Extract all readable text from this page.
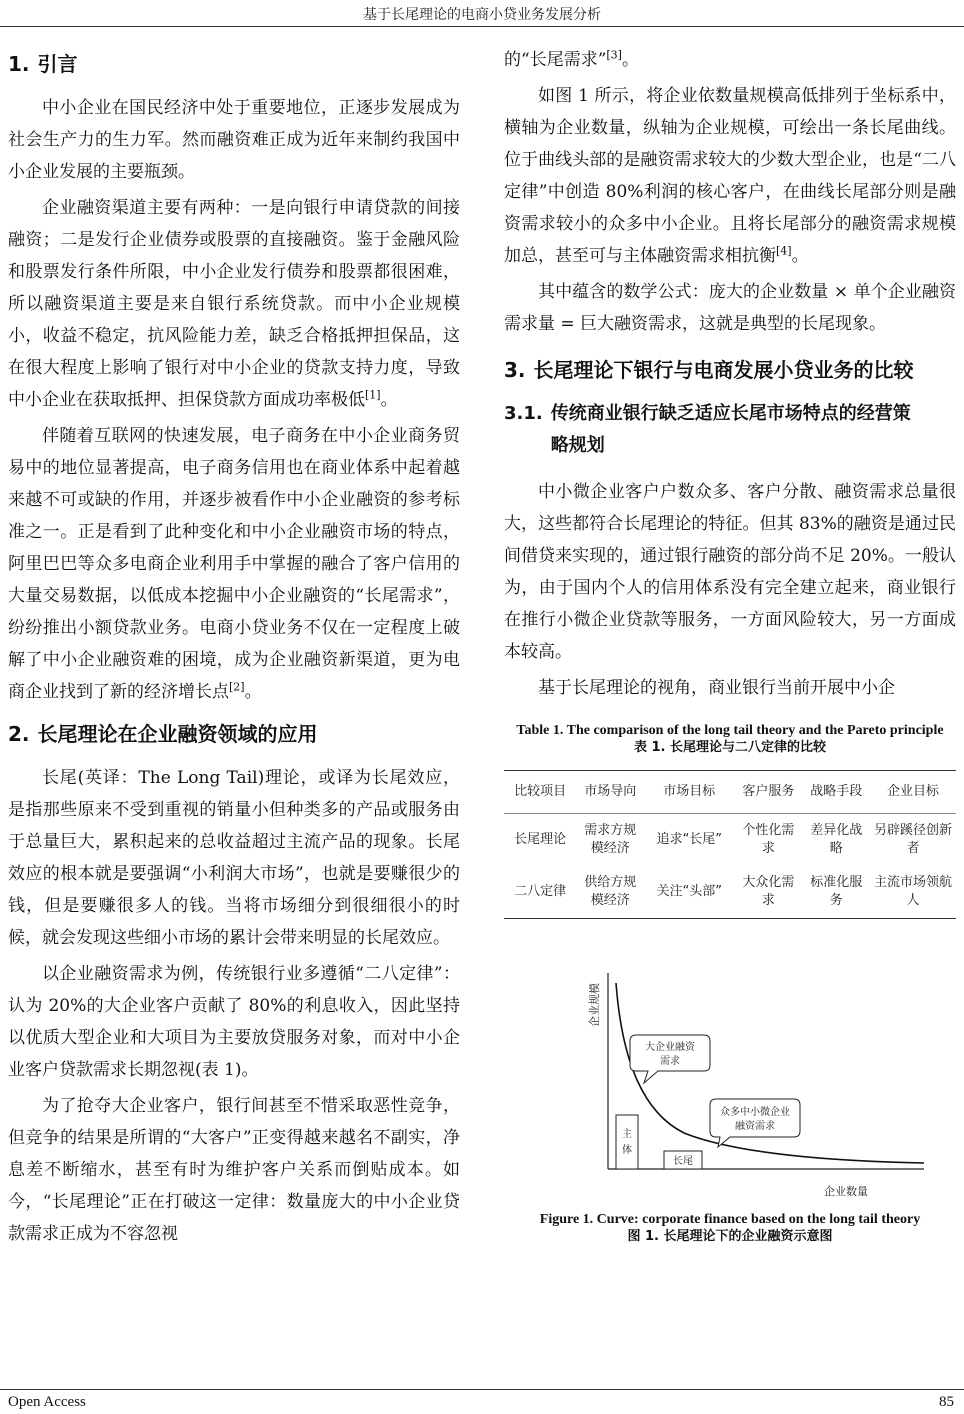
基于长尾理论的电商小贷业务发展分析
1. 引言

中小企业在国民经济中处于重要地位，正逐步发展成为社会生产力的生力军。然而融资难正成为近年来制约我国中小企业发展的主要瓶颈。

企业融资渠道主要有两种：一是向银行申请贷款的间接融资；二是发行企业债券或股票的直接融资。鉴于金融风险和股票发行条件所限，中小企业发行债券和股票都很困难，所以融资渠道主要是来自银行系统贷款。而中小企业规模小，收益不稳定，抗风险能力差，缺乏合格抵押担保品，这在很大程度上影响了银行对中小企业的贷款支持力度，导致中小企业在获取抵押、担保贷款方面成功率极低[1]。

伴随着互联网的快速发展，电子商务在中小企业商务贸易中的地位显著提高，电子商务信用也在商业体系中起着越来越不可或缺的作用，并逐步被看作中小企业融资的参考标准之一。正是看到了此种变化和中小企业融资市场的特点，阿里巴巴等众多电商企业利用手中掌握的融合了客户信用的大量交易数据，以低成本挖掘中小企业融资的“长尾需求”，纷纷推出小额贷款业务。电商小贷业务不仅在一定程度上破解了中小企业融资难的困境，成为企业融资新渠道，更为电商企业找到了新的经济增长点[2]。

2. 长尾理论在企业融资领域的应用

长尾(英译：The Long Tail)理论，或译为长尾效应，是指那些原来不受到重视的销量小但种类多的产品或服务由于总量巨大，累积起来的总收益超过主流产品的现象。长尾效应的根本就是要强调“小利润大市场”，也就是要赚很少的钱，但是要赚很多人的钱。当将市场细分到很细很小的时候，就会发现这些细小市场的累计会带来明显的长尾效应。

以企业融资需求为例，传统银行业多遵循“二八定律”：认为 20%的大企业客户贡献了 80%的利息收入，因此坚持以优质大型企业和大项目为主要放贷服务对象，而对中小企业客户贷款需求长期忽视(表 1)。

为了抢夺大企业客户，银行间甚至不惜采取恶性竞争，但竞争的结果是所谓的“大客户”正变得越来越名不副实，净息差不断缩水，甚至有时为维护客户关系而倒贴成本。如今，“长尾理论”正在打破这一定律：数量庞大的中小企业贷款需求正成为不容忽视

的“长尾需求”[3]。

如图 1 所示，将企业依数量规模高低排列于坐标系中，横轴为企业数量，纵轴为企业规模，可绘出一条长尾曲线。位于曲线头部的是融资需求较大的少数大型企业，也是“二八定律”中创造 80%利润的核心客户，在曲线长尾部分则是融资需求较小的众多中小企业。且将长尾部分的融资需求规模加总，甚至可与主体融资需求相抗衡[4]。

其中蕴含的数学公式：庞大的企业数量 × 单个企业融资需求量 = 巨大融资需求，这就是典型的长尾现象。

3. 长尾理论下银行与电商发展小贷业务的比较
3.1. 传统商业银行缺乏适应长尾市场特点的经营策略规划

中小微企业客户户数众多、客户分散、融资需求总量很大，这些都符合长尾理论的特征。但其 83%的融资是通过民间借贷来实现的，通过银行融资的部分尚不足 20%。一般认为，由于国内个人的信用体系没有完全建立起来，商业银行在推行小微企业贷款等服务，一方面风险较大，另一方面成本较高。

基于长尾理论的视角，商业银行当前开展中小企

Table 1. The comparison of the long tail theory and the Pareto principle
表 1. 长尾理论与二八定律的比较
比较项目	市场导向	市场目标	客户服务	战略手段	企业目标
长尾理论	需求方规模经济	追求“长尾”	个性化需求	差异化战略	另辟蹊径创新者
二八定律	供给方规模经济	关注“头部”	大众化需求	标准化服务	主流市场领航人
企业规模
企业数量
主
体
长尾
大企业融资
需求
众多中小微企业
融资需求
Figure 1. Curve: corporate finance based on the long tail theory
图 1. 长尾理论下的企业融资示意图
Open Access	85
